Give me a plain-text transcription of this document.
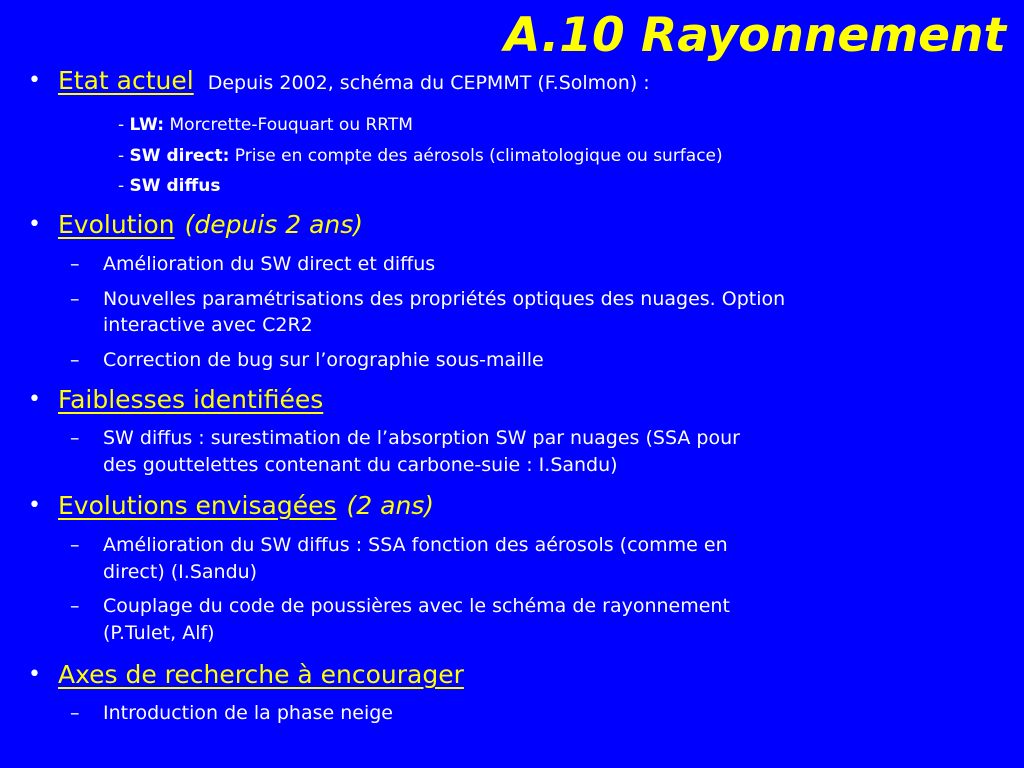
A.10 Rayonnement
• Etat actuel Depuis 2002, schéma du CEPMMT (F.Solmon) :
- LW: Morcrette-Fouquart ou RRTM
- SW direct: Prise en compte des aérosols (climatologique ou surface)
- SW diffus
• Evolution (depuis 2 ans)
– Amélioration du SW direct et diffus
– Nouvelles paramétrisations des propriétés optiques des nuages. Option
interactive avec C2R2
– Correction de bug sur l’orographie sous-maille
• Faiblesses identifiées
– SW diffus : surestimation de l’absorption SW par nuages (SSA pour
des gouttelettes contenant du carbone-suie : I.Sandu)
• Evolutions envisagées (2 ans)
– Amélioration du SW diffus : SSA fonction des aérosols (comme en
direct) (I.Sandu)
– Couplage du code de poussières avec le schéma de rayonnement
(P.Tulet, Alf)
• Axes de recherche à encourager
– Introduction de la phase neige
